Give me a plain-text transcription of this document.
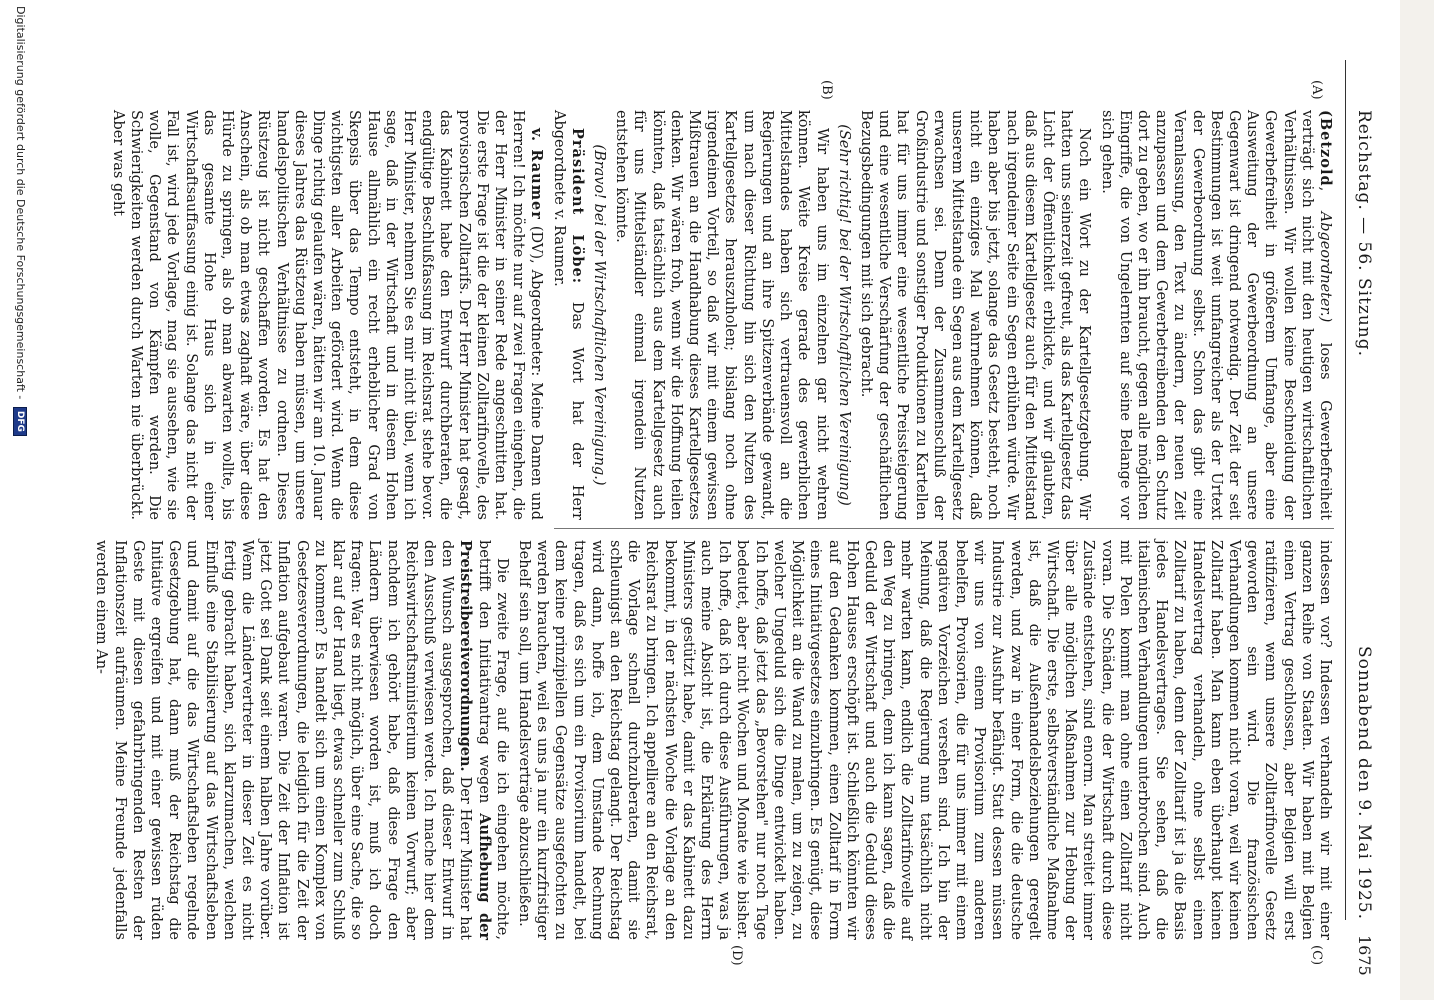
Reichstag. — 56. Sitzung.
Sonnabend den 9. Mai 1925.
1675
(A)
(B)
(C)
(D)

(Betzold, Abgeordneter.) loses Gewerbefreiheit verträgt sich nicht mit den heutigen wirtschaftlichen Verhältnissen. Wir wollen keine Beschneidung der Gewerbefreiheit in größerem Umfange, aber eine Ausweitung der Gewerbeordnung an unsere Gegenwart ist dringend notwendig. Der Zeit der seit Bestimmungen ist weit umfangreicher als der Urtext der Gewerbeordnung selbst. Schon das gibt eine Veranlassung, den Text zu ändern, der neuen Zeit anzupassen und dem Gewerbetreibenden den Schutz dort zu geben, wo er ihn braucht, gegen alle möglichen Eingriffe, die von Ungelernten auf seine Belange vor sich gehen.

Noch ein Wort zu der Kartellgesetzgebung. Wir hatten uns seinerzeit gefreut, als das Kartellgesetz das Licht der Öffentlichkeit erblickte, und wir glaubten, daß aus diesem Kartellgesetz auch für den Mittelstand nach irgendeiner Seite ein Segen erblühen würde. Wir haben aber bis jetzt, solange das Gesetz besteht, noch nicht ein einziges Mal wahrnehmen können, daß unserem Mittelstande ein Segen aus dem Kartellgesetz erwachsen sei. Denn der Zusammenschluß der Großindustrie und sonstiger Produktionen zu Kartellen hat für uns immer eine wesentliche Preissteigerung und eine wesentliche Verschärfung der geschäftlichen Bezugsbedingungen mit sich gebracht.

(Sehr richtig! bei der Wirtschaftlichen Vereinigung)

Wir haben uns im einzelnen gar nicht wehren können. Weite Kreise gerade des gewerblichen Mittelstandes haben sich vertrauensvoll an die Regierungen und an ihre Spitzenverbände gewandt, um nach dieser Richtung hin sich den Nutzen des Kartellgesetzes herauszuholen; bislang noch ohne irgendeinen Vorteil, so daß wir mit einem gewissen Mißtrauen an die Handhabung dieses Kartellgesetzes denken. Wir wären froh, wenn wir die Hoffnung teilen könnten, daß tatsächlich aus dem Kartellgesetz auch für uns Mittelständler einmal irgendein Nutzen entstehen könnte.

(Bravo! bei der Wirtschaftlichen Vereinigung.)

Präsident Löbe: Das Wort hat der Herr Abgeordnete v. Raumer.

v. Raumer (DV), Abgeordneter: Meine Damen und Herren! Ich möchte nur auf zwei Fragen eingehen, die der Herr Minister in seiner Rede angeschnitten hat. Die erste Frage ist die der kleinen Zolltarifnovelle, des provisorischen Zolltarifs. Der Herr Minister hat gesagt, das Kabinett habe den Entwurf durchberaten, die endgültige Beschlußfassung im Reichsrat stehe bevor. Herr Minister, nehmen Sie es mir nicht übel, wenn ich sage, daß in der Wirtschaft und in diesem Hohen Hause allmählich ein recht erheblicher Grad von Skepsis über das Tempo entsteht, in dem diese wichtigsten aller Arbeiten gefördert wird. Wenn die Dinge richtig gelaufen wären, hätten wir am 10. Januar dieses Jahres das Rüstzeug haben müssen, um unsere handelspolitischen Verhältnisse zu ordnen. Dieses Rüstzeug ist nicht geschaffen worden. Es hat den Anschein, als ob man etwas zaghaft wäre, über diese Hürde zu springen, als ob man abwarten wollte, bis das gesamte Hohe Haus sich in einer Wirtschaftsauffassung einig ist. Solange das nicht der Fall ist, wird jede Vorlage, mag sie aussehen, wie sie wolle, Gegenstand von Kämpfen werden. Die Schwierigkeiten werden durch Warten nie überbrückt. Aber was geht

indessen vor? Indessen verhandeln wir mit einer ganzen Reihe von Staaten. Wir haben mit Belgien einen Vertrag geschlossen, aber Belgien will erst ratifizieren, wenn unsere Zolltarifnovelle Gesetz geworden sein wird. Die französischen Verhandlungen kommen nicht voran, weil wir keinen Zolltarif haben. Man kann eben überhaupt keinen Handelsvertrag verhandeln, ohne selbst einen Zolltarif zu haben, denn der Zolltarif ist ja die Basis jedes Handelsvertrages. Sie sehen, daß die italienischen Verhandlungen unterbrochen sind. Auch mit Polen kommt man ohne einen Zolltarif nicht voran. Die Schäden, die der Wirtschaft durch diese Zustände entstehen, sind enorm. Man streitet immer über alle möglichen Maßnahmen zur Hebung der Wirtschaft. Die erste, selbstverständliche Maßnahme ist, daß die Außenhandelsbeziehungen geregelt werden, und zwar in einer Form, die die deutsche Industrie zur Ausfuhr befähigt. Statt dessen müssen wir uns von einem Provisorium zum anderen behelfen, Provisorien, die für uns immer mit einem negativen Vorzeichen versehen sind. Ich bin der Meinung, daß die Regierung nun tatsächlich nicht mehr warten kann, endlich die Zolltarifnovelle auf den Weg zu bringen, denn ich kann sagen, daß die Geduld der Wirtschaft und auch die Geduld dieses Hohen Hauses erschöpft ist. Schließlich könnten wir auf den Gedanken kommen, einen Zolltarif in Form eines Initiativgesetzes einzubringen. Es genügt, diese Möglichkeit an die Wand zu malen, um zu zeigen, zu welcher Ungeduld sich die Dinge entwickelt haben. Ich hoffe, daß jetzt das „Bevorstehen" nur noch Tage bedeutet, aber nicht Wochen und Monate wie bisher. Ich hoffe, daß ich durch diese Ausführungen, was ja auch meine Absicht ist, die Erklärung des Herrn Ministers gestützt habe, damit er das Kabinett dazu bekommt, in der nächsten Woche die Vorlage an den Reichsrat zu bringen. Ich appelliere an den Reichsrat, die Vorlage schnell durchzuberaten, damit sie schleunigst an den Reichstag gelangt. Der Reichstag wird dann, hoffe ich, dem Umstande Rechnung tragen, daß es sich um ein Provisorium handelt, bei dem keine prinzipiellen Gegensätze ausgefochten zu werden brauchen, weil es uns ja nur ein kurzfristiger Behelf sein soll, um Handelsverträge abzuschließen.

Die zweite Frage, auf die ich eingehen möchte, betrifft den Initiativantrag wegen Aufhebung der Preistreibereiverordnungen. Der Herr Minister hat den Wunsch ausgesprochen, daß dieser Entwurf in den Ausschuß verwiesen werde. Ich mache hier dem Reichswirtschaftsministerium keinen Vorwurf; aber nachdem ich gehört habe, daß diese Frage den Ländern überwiesen worden ist, muß ich doch fragen: War es nicht möglich, über eine Sache, die so klar auf der Hand liegt, etwas schneller zum Schluß zu kommen? Es handelt sich um einen Komplex von Gesetzesverordnungen, die lediglich für die Zeit der Inflation aufgebaut waren. Die Zeit der Inflation ist jetzt Gott sei Dank seit einem halben Jahre vorüber. Wenn die Ländervertreter in dieser Zeit es nicht fertig gebracht haben, sich klarzumachen, welchen Einfluß eine Stabilisierung auf das Wirtschaftsleben und damit auf die das Wirtschaftsleben regelnde Gesetzgebung hat, dann muß der Reichstag die Initiative ergreifen und mit einer gewissen rüden Geste mit diesen gefahrbringenden Resten der Inflationszeit aufräumen. Meine Freunde jedenfalls werden einem An-

Digitalisierung gefördert durch die Deutsche Forschungsgemeinschaft - DFG
